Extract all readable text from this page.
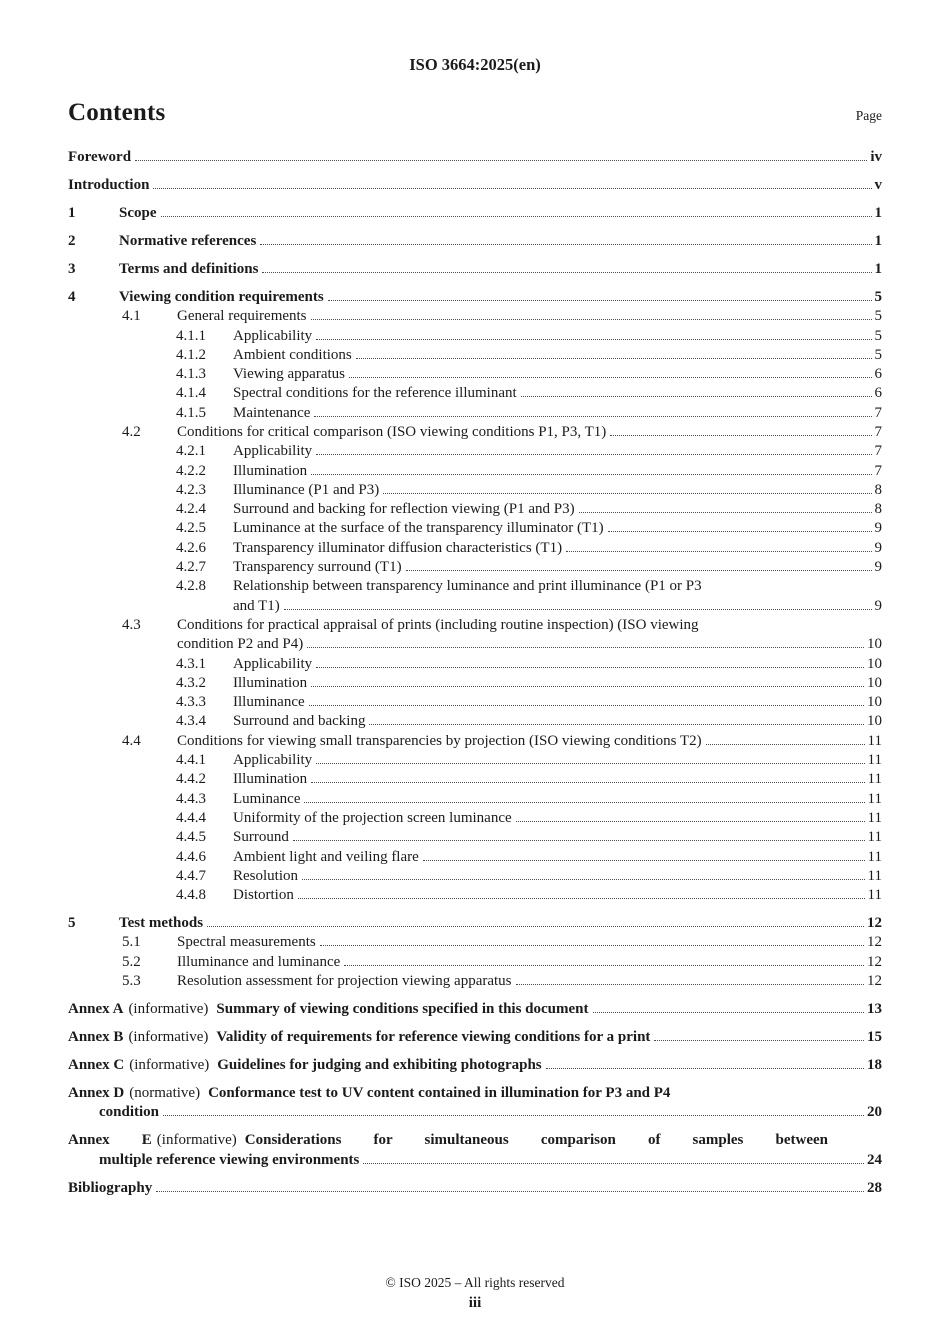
ISO 3664:2025(en)
Contents	Page
Foreword	iv
Introduction	v
1	Scope	1
2	Normative references	1
3	Terms and definitions	1
4	Viewing condition requirements	5
4.1	General requirements	5
4.1.1	Applicability	5
4.1.2	Ambient conditions	5
4.1.3	Viewing apparatus	6
4.1.4	Spectral conditions for the reference illuminant	6
4.1.5	Maintenance	7
4.2	Conditions for critical comparison (ISO viewing conditions P1, P3, T1)	7
4.2.1	Applicability	7
4.2.2	Illumination	7
4.2.3	Illuminance (P1 and P3)	8
4.2.4	Surround and backing for reflection viewing (P1 and P3)	8
4.2.5	Luminance at the surface of the transparency illuminator (T1)	9
4.2.6	Transparency illuminator diffusion characteristics (T1)	9
4.2.7	Transparency surround (T1)	9
4.2.8	Relationship between transparency luminance and print illuminance (P1 or P3
and T1)	9
4.3	Conditions for practical appraisal of prints (including routine inspection) (ISO viewing
condition P2 and P4)	10
4.3.1	Applicability	10
4.3.2	Illumination	10
4.3.3	Illuminance	10
4.3.4	Surround and backing	10
4.4	Conditions for viewing small transparencies by projection (ISO viewing conditions T2)	11
4.4.1	Applicability	11
4.4.2	Illumination	11
4.4.3	Luminance	11
4.4.4	Uniformity of the projection screen luminance	11
4.4.5	Surround	11
4.4.6	Ambient light and veiling flare	11
4.4.7	Resolution	11
4.4.8	Distortion	11
5	Test methods	12
5.1	Spectral measurements	12
5.2	Illuminance and luminance	12
5.3	Resolution assessment for projection viewing apparatus	12
Annex A (informative) Summary of viewing conditions specified in this document	13
Annex B (informative) Validity of requirements for reference viewing conditions for a print	15
Annex C (informative) Guidelines for judging and exhibiting photographs	18
Annex D (normative) Conformance test to UV content contained in illumination for P3 and P4
condition	20
Annex E (informative) Considerations for simultaneous comparison of samples between
multiple reference viewing environments	24
Bibliography	28
© ISO 2025 – All rights reserved
iii
